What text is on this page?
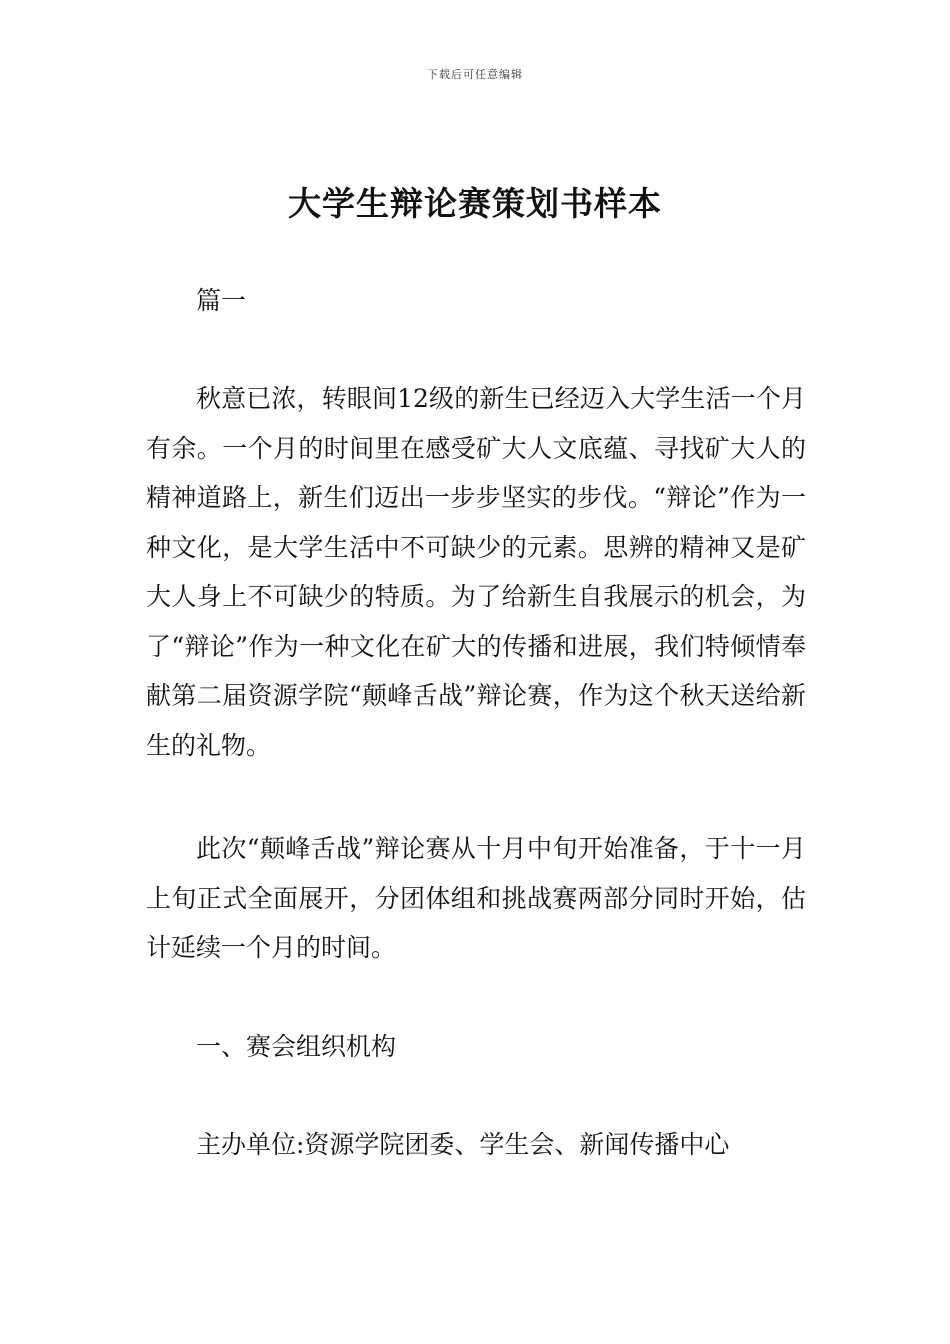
下载后可任意编辑
大学生辩论赛策划书样本

篇一

秋意已浓，转眼间12级的新生已经迈入大学生活一个月有余。一个月的时间里在感受矿大人文底蕴、寻找矿大人的精神道路上，新生们迈出一步步坚实的步伐。“辩论”作为一种文化，是大学生活中不可缺少的元素。思辨的精神又是矿大人身上不可缺少的特质。为了给新生自我展示的机会，为了“辩论”作为一种文化在矿大的传播和进展，我们特倾情奉献第二届资源学院“颠峰舌战”辩论赛，作为这个秋天送给新生的礼物。

此次“颠峰舌战”辩论赛从十月中旬开始准备，于十一月上旬正式全面展开，分团体组和挑战赛两部分同时开始，估计延续一个月的时间。

一、赛会组织机构

主办单位:资源学院团委、学生会、新闻传播中心
